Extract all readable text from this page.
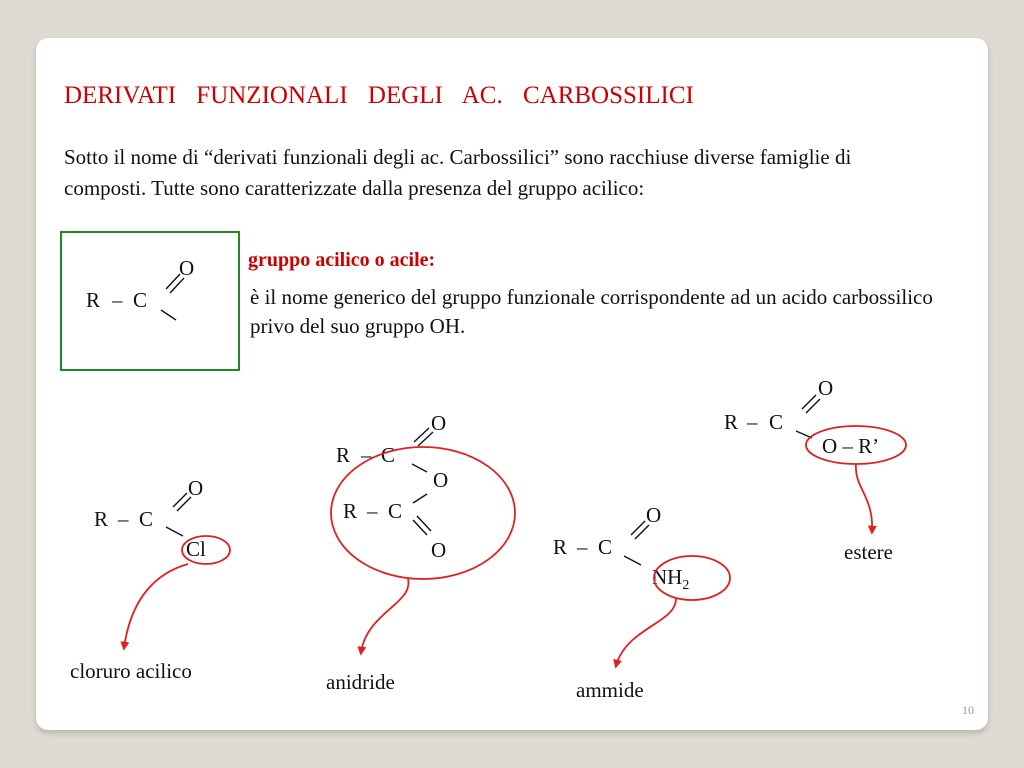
DERIVATI FUNZIONALI DEGLI AC. CARBOSSILICI
Sotto il nome di “derivati funzionali degli ac. Carbossilici” sono racchiuse diverse famiglie di composti. Tutte sono caratterizzate dalla presenza del gruppo acilico:
gruppo acilico o acile:
è il nome generico del gruppo funzionale corrispondente ad un acido carbossilico privo del suo gruppo OH.
R – C
O
R – C
O
Cl
cloruro acilico
R – C
O
O
R – C
O
anidride
R – C
O
$NH_2$
ammide
R – C
O
O – R’
estere
10
